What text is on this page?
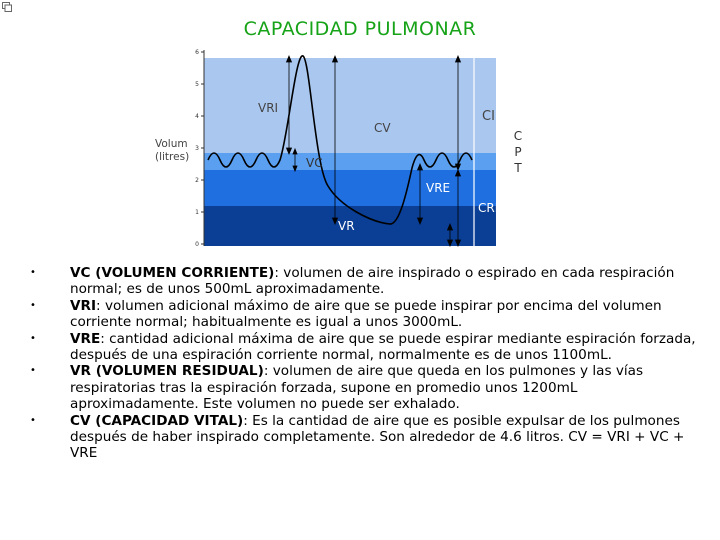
CAPACIDAD PULMONAR
6
5
4
3
2
1
0
Volum
(litres)
VRI
CV
VC
VRE
VR
CI
CRF
C
P
T
•	VC (VOLUMEN CORRIENTE): volumen de aire inspirado o espirado en cada respiración normal; es de unos 500mL aproximadamente.
•	VRI: volumen adicional máximo de aire que se puede inspirar por encima del volumen corriente normal; habitualmente es igual a unos 3000mL.
•	VRE: cantidad adicional máxima de aire que se puede espirar mediante espiración forzada, después de una espiración corriente normal, normalmente es de unos 1100mL.
•	VR (VOLUMEN RESIDUAL): volumen de aire que queda en los pulmones y las vías respiratorias tras la espiración forzada, supone en promedio unos 1200mL aproximadamente. Este volumen no puede ser exhalado.
•	CV (CAPACIDAD VITAL): Es la cantidad de aire que es posible expulsar de los pulmones después de haber inspirado completamente. Son alrededor de 4.6 litros. CV = VRI + VC + VRE
